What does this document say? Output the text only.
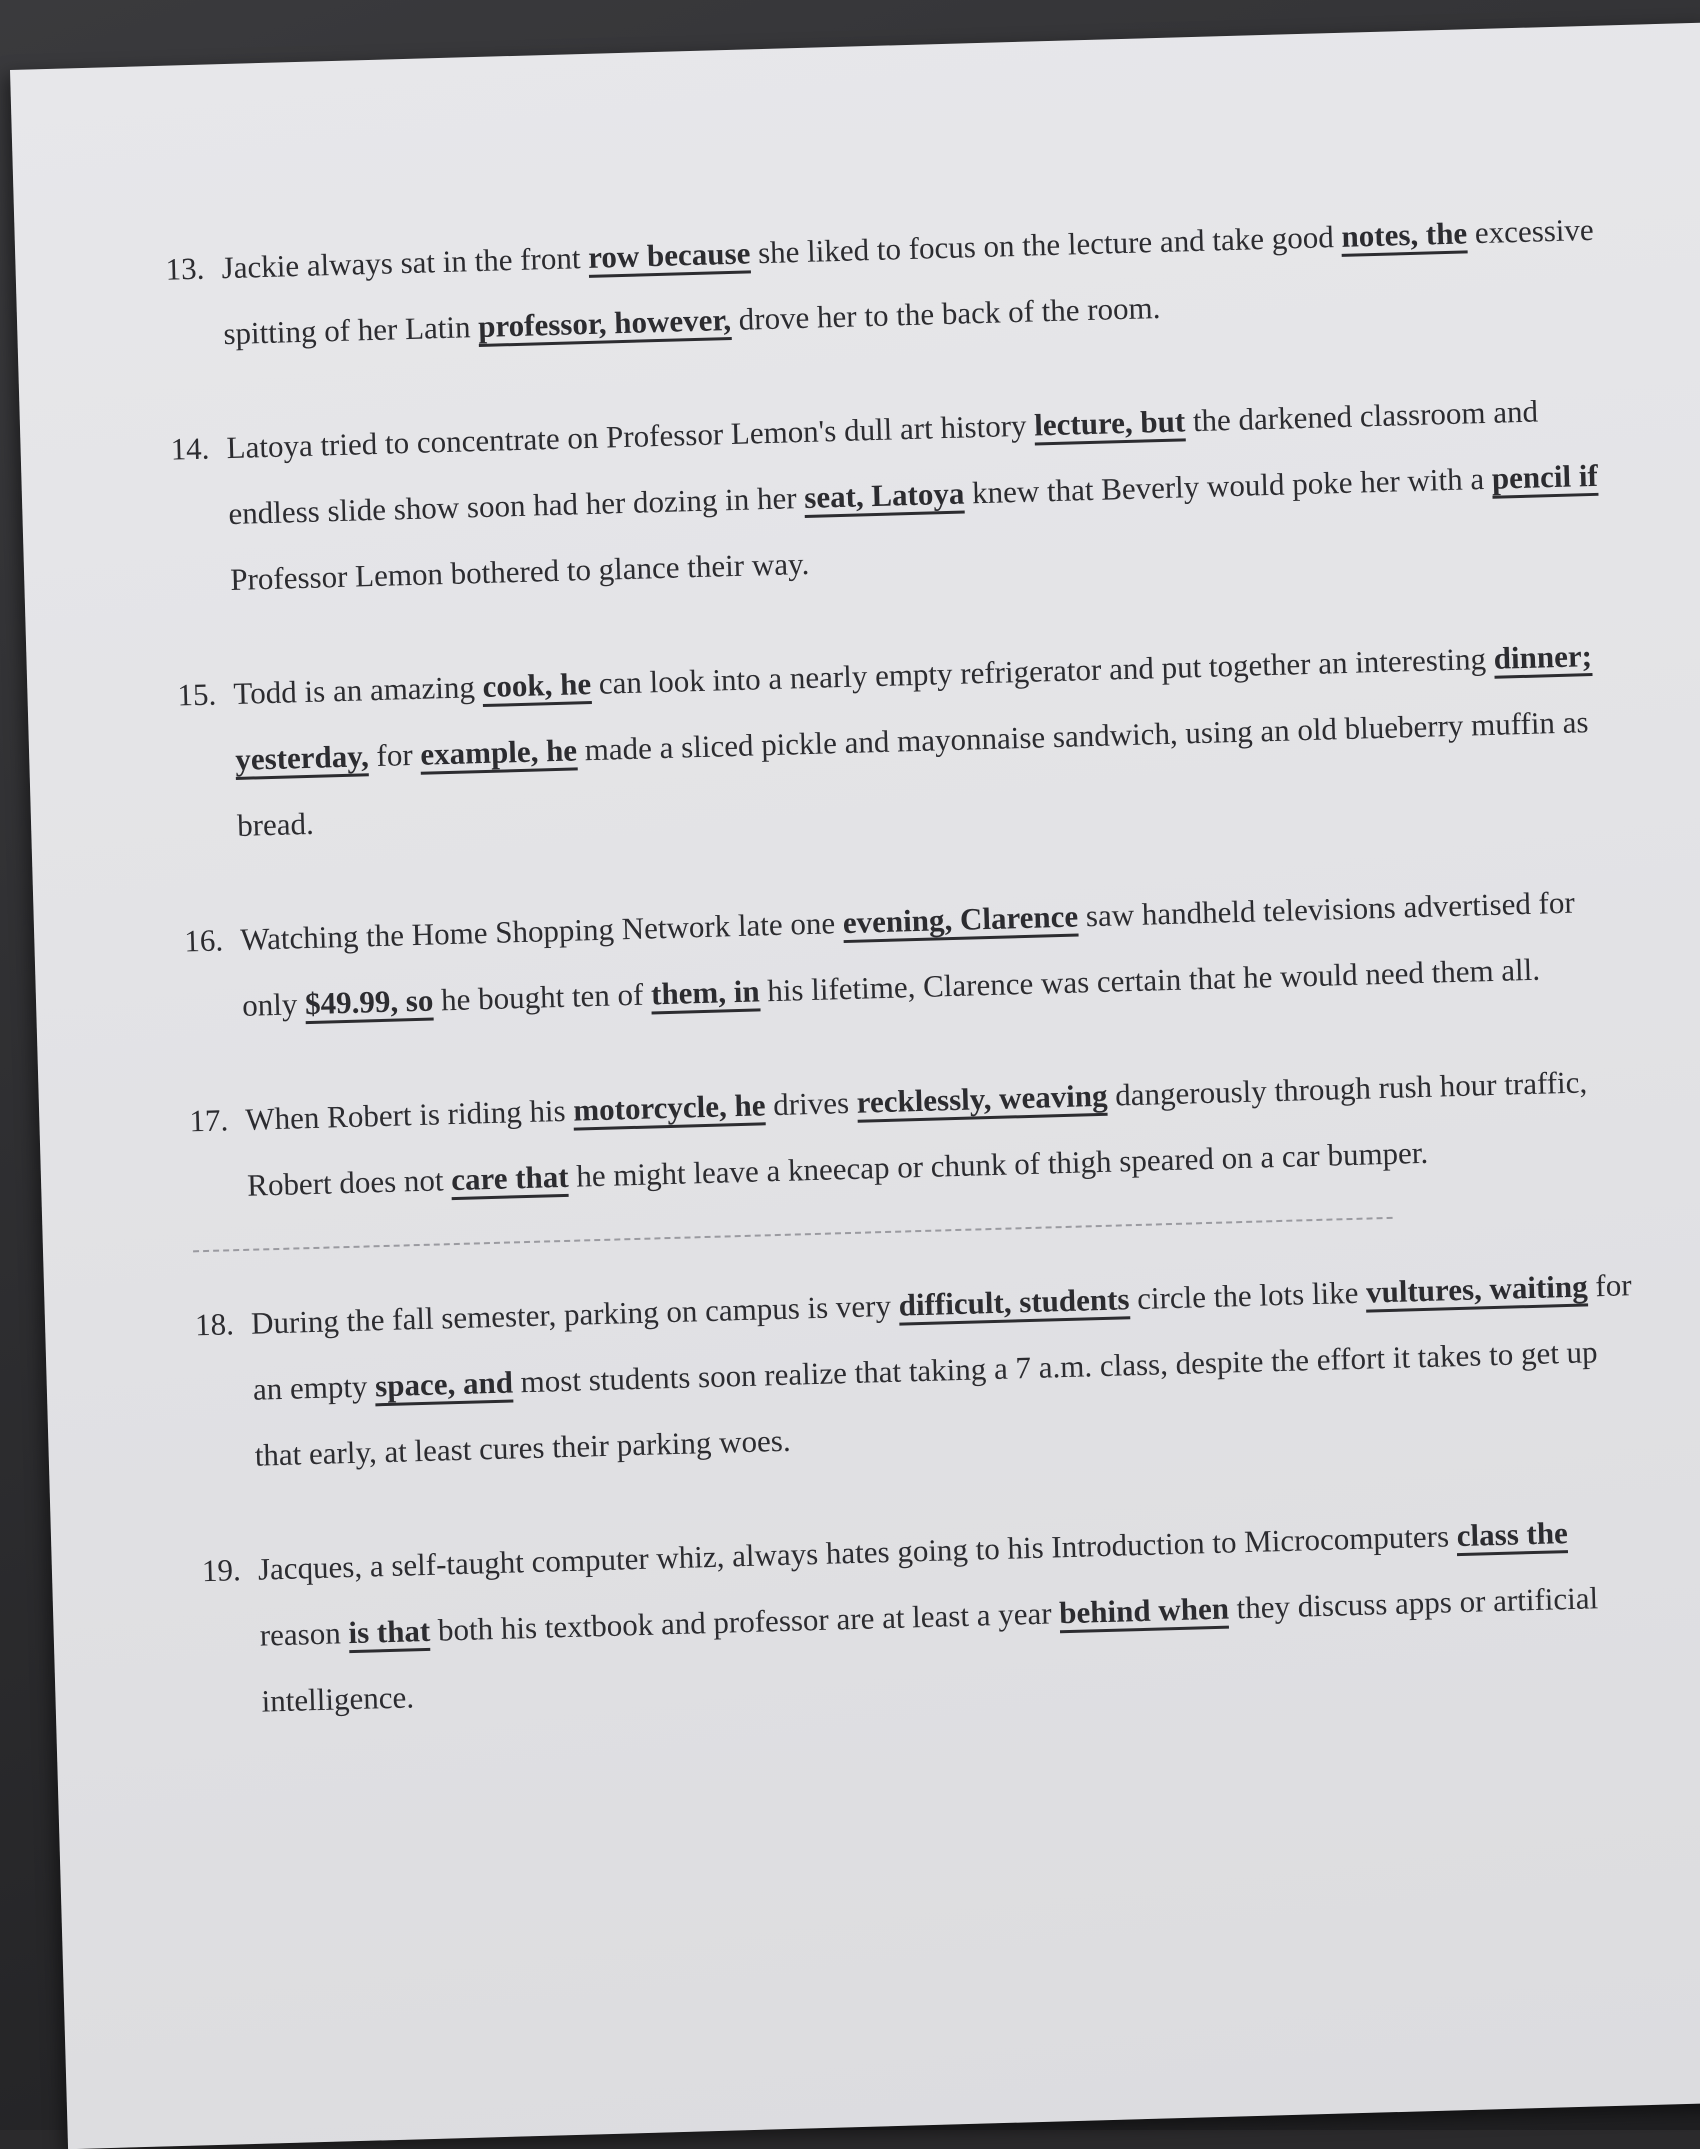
13. Jackie always sat in the front row because she liked to focus on the lecture and take good notes, the excessive spitting of her Latin professor, however, drove her to the back of the room.

14. Latoya tried to concentrate on Professor Lemon's dull art history lecture, but the darkened classroom and endless slide show soon had her dozing in her seat, Latoya knew that Beverly would poke her with a pencil if Professor Lemon bothered to glance their way.

15. Todd is an amazing cook, he can look into a nearly empty refrigerator and put together an interesting dinner; yesterday, for example, he made a sliced pickle and mayonnaise sandwich, using an old blueberry muffin as bread.

16. Watching the Home Shopping Network late one evening, Clarence saw handheld televisions advertised for only $49.99, so he bought ten of them, in his lifetime, Clarence was certain that he would need them all.

17. When Robert is riding his motorcycle, he drives recklessly, weaving dangerously through rush hour traffic, Robert does not care that he might leave a kneecap or chunk of thigh speared on a car bumper.

18. During the fall semester, parking on campus is very difficult, students circle the lots like vultures, waiting for an empty space, and most students soon realize that taking a 7 a.m. class, despite the effort it takes to get up that early, at least cures their parking woes.

19. Jacques, a self-taught computer whiz, always hates going to his Introduction to Microcomputers class the reason is that both his textbook and professor are at least a year behind when they discuss apps or artificial intelligence.
